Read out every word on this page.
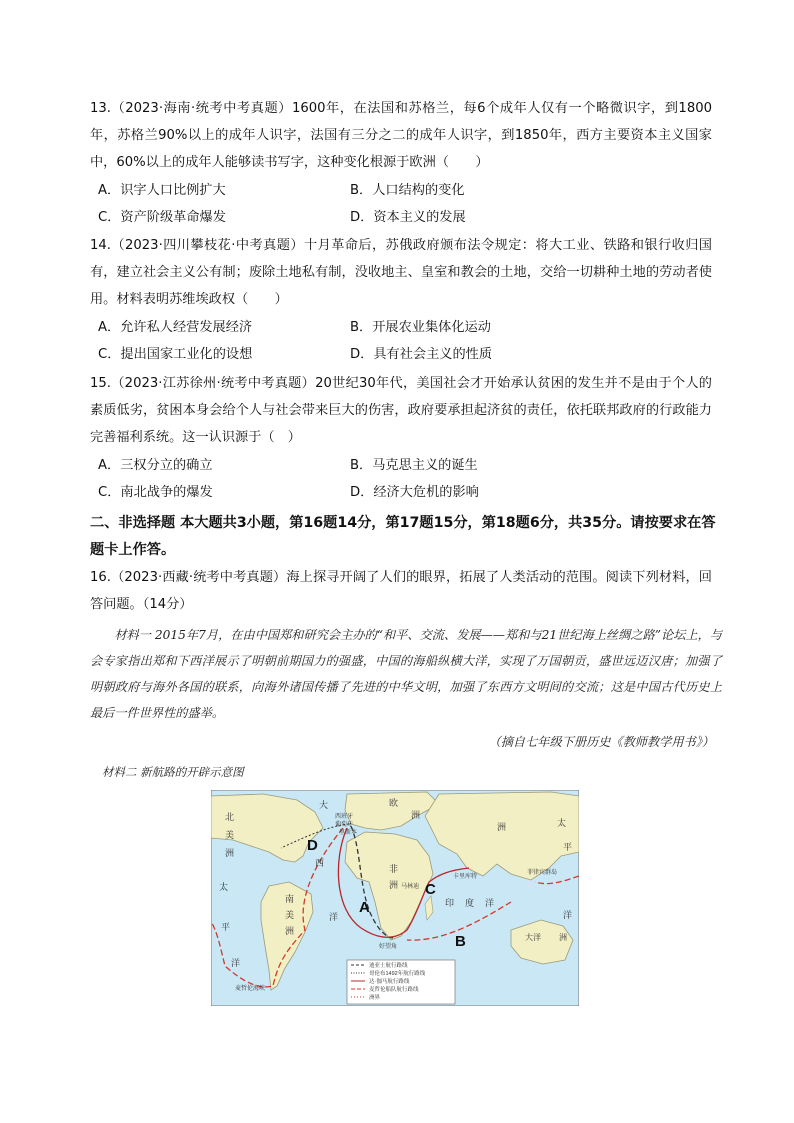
13.（2023·海南·统考中考真题）1600年，在法国和苏格兰，每6个成年人仅有一个略微识字，到1800年，苏格兰90%以上的成年人识字，法国有三分之二的成年人识字，到1850年，西方主要资本主义国家中，60%以上的成年人能够读书写字，这种变化根源于欧洲（　　）

A．识字人口比例扩大	B．人口结构的变化
C．资产阶级革命爆发	D．资本主义的发展

14.（2023·四川攀枝花·中考真题）十月革命后，苏俄政府颁布法令规定：将大工业、铁路和银行收归国有，建立社会主义公有制；废除土地私有制，没收地主、皇室和教会的土地，交给一切耕种土地的劳动者使用。材料表明苏维埃政权（　　）

A．允许私人经营发展经济	B．开展农业集体化运动
C．提出国家工业化的设想	D．具有社会主义的性质

15.（2023·江苏徐州·统考中考真题）20世纪30年代，美国社会才开始承认贫困的发生并不是由于个人的素质低劣，贫困本身会给个人与社会带来巨大的伤害，政府要承担起济贫的责任，依托联邦政府的行政能力完善福利系统。这一认识源于（　）

A．三权分立的确立	B．马克思主义的诞生
C．南北战争的爆发	D．经济大危机的影响

二、非选择题 本大题共3小题，第16题14分，第17题15分，第18题6分，共35分。请按要求在答题卡上作答。

16.（2023·西藏·统考中考真题）海上探寻开阔了人们的眼界，拓展了人类活动的范围。阅读下列材料，回答问题。（14分）

材料一 2015年7月，在由中国郑和研究会主办的“和平、交流、发展——郑和与21世纪海上丝绸之路”论坛上，与会专家指出郑和下西洋展示了明朝前期国力的强盛，中国的海船纵横大洋，实现了万国朝贡，盛世远迈汉唐；加强了明朝政府与海外各国的联系，向海外诸国传播了先进的中华文明，加强了东西方文明间的交流；这是中国古代历史上最后一件世界性的盛举。

（摘自七年级下册历史《教师教学用书》）
材料二 新航路的开辟示意图
北
美
洲
南
美
洲
欧
洲
非
洲
洲
大洋 洲
大
西
洋
印 度 洋
太
平
洋
太
平
洋
西班牙
葡萄牙
里斯本
马林迪
卡里库特
好望角
麦哲伦海峡
菲律宾群岛
A
B
C
D
迪亚士航行路线
哥伦布1492年航行路线
达·伽马航行路线
麦哲伦船队航行路线
洲界
